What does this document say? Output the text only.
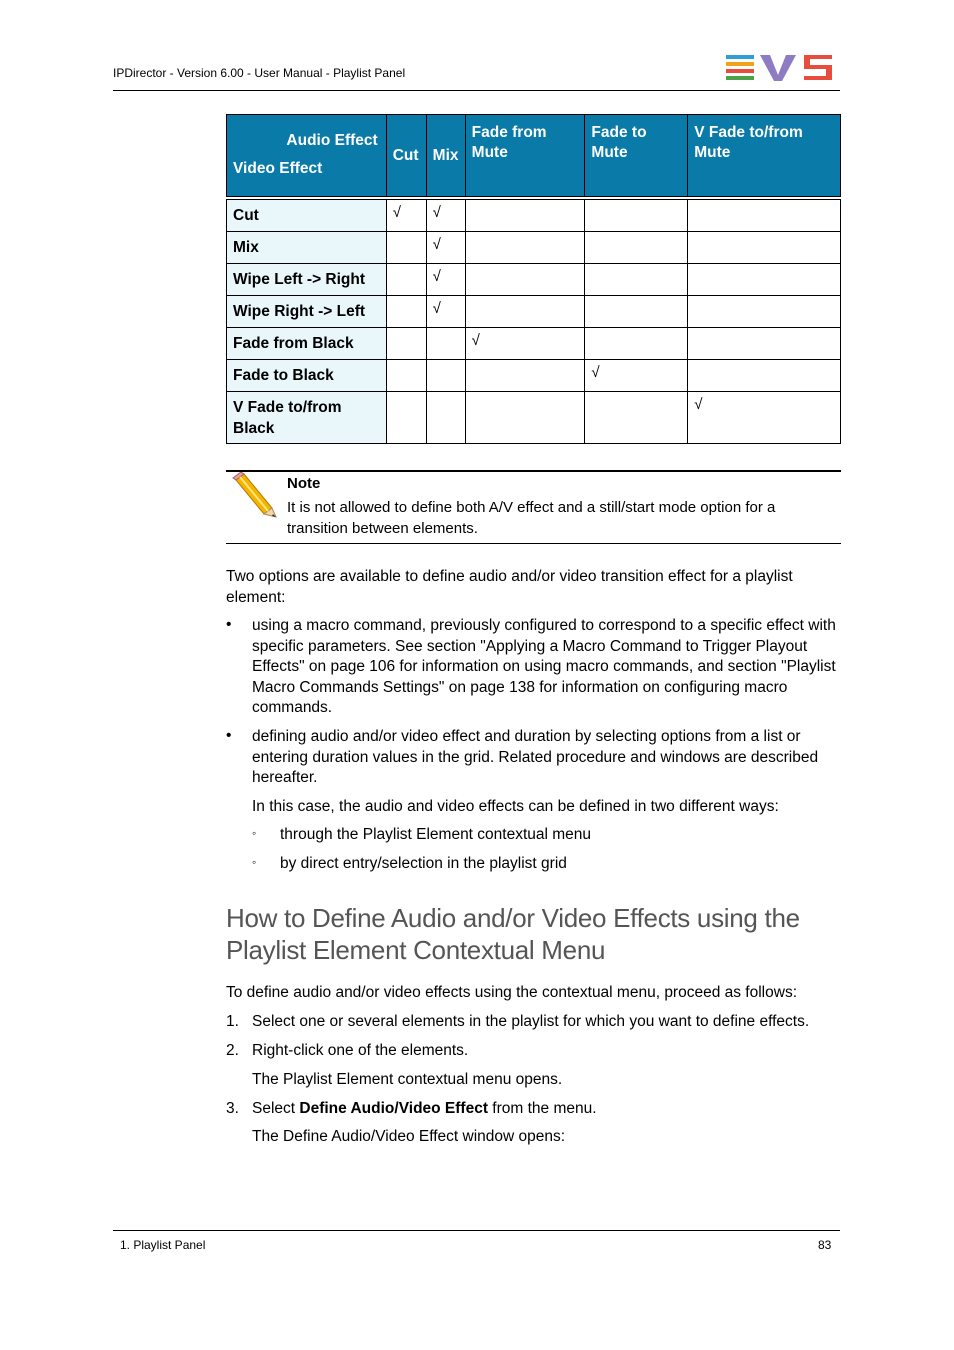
IPDirector - Version 6.00 - User Manual - Playlist Panel
Audio Effect
Video Effect	Cut	Mix	Fade from Mute	Fade to Mute	V Fade to/from Mute

Cut	√	√			
Mix		√			
Wipe Left -> Right		√			
Wipe Right -> Left		√			
Fade from Black			√		
Fade to Black				√	
V Fade to/from Black					√
Note
It is not allowed to define both A/V effect and a still/start mode option for a transition between elements.
Two options are available to define audio and/or video transition effect for a playlist element:
• using a macro command, previously configured to correspond to a specific effect with specific parameters. See section "Applying a Macro Command to Trigger Playout Effects" on page 106 for information on using macro commands, and section "Playlist Macro Commands Settings" on page 138 for information on configuring macro commands.
• defining audio and/or video effect and duration by selecting options from a list or entering duration values in the grid. Related procedure and windows are described hereafter.
In this case, the audio and video effects can be defined in two different ways:
◦ through the Playlist Element contextual menu
◦ by direct entry/selection in the playlist grid
How to Define Audio and/or Video Effects using the Playlist Element Contextual Menu
To define audio and/or video effects using the contextual menu, proceed as follows:
1. Select one or several elements in the playlist for which you want to define effects.
2. Right-click one of the elements.
The Playlist Element contextual menu opens.
3. Select Define Audio/Video Effect from the menu.
The Define Audio/Video Effect window opens:
1. Playlist Panel	83
